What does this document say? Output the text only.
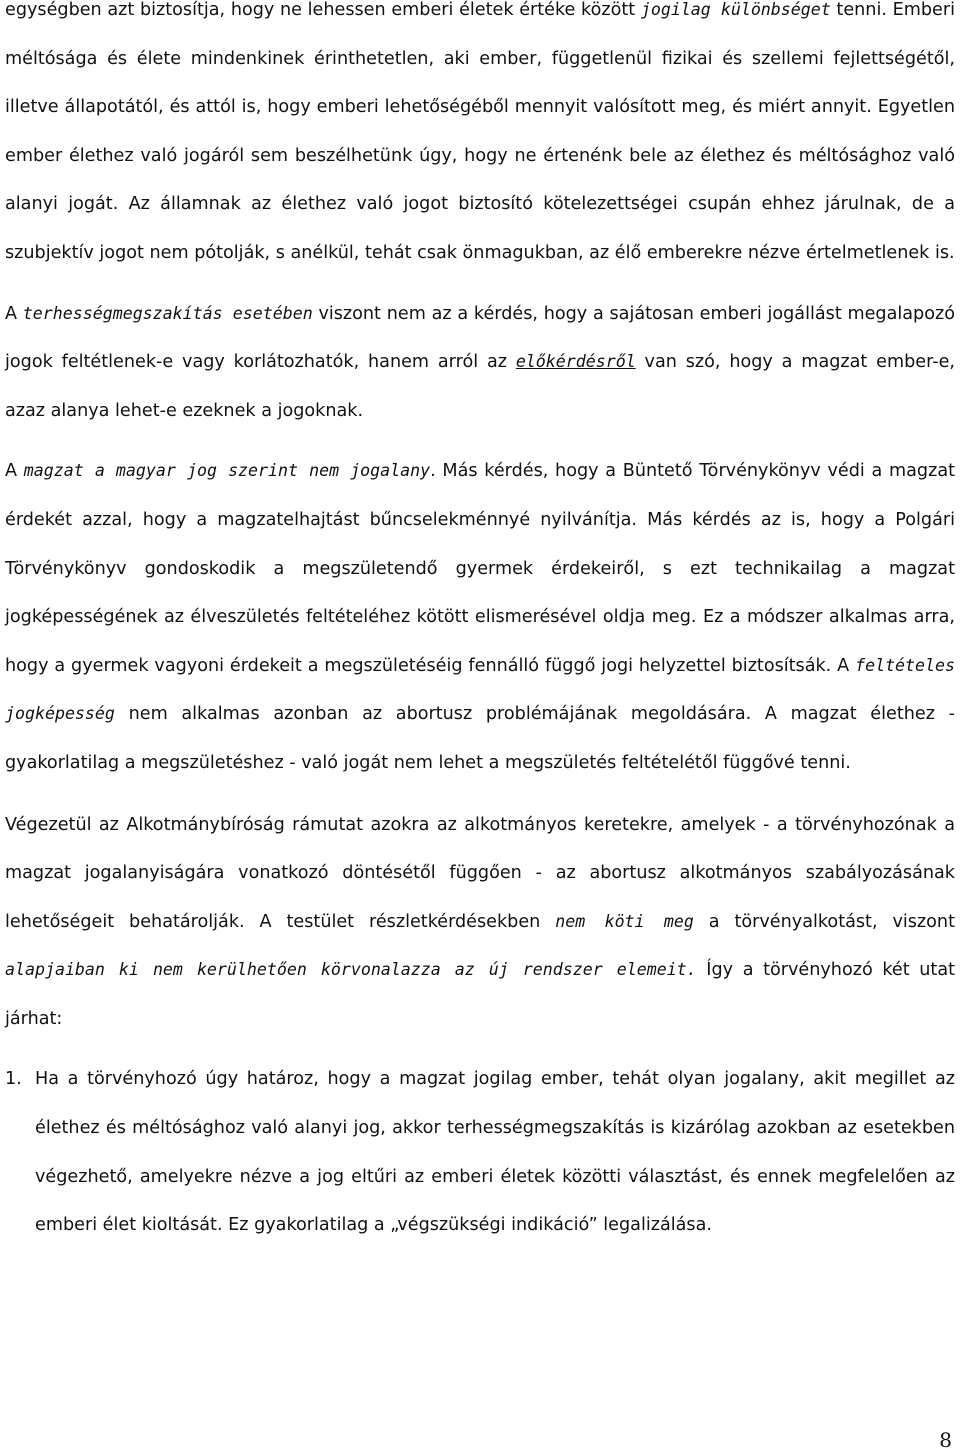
egységben azt biztosítja, hogy ne lehessen emberi életek értéke között jogilag különbséget tenni. Emberi méltósága és élete mindenkinek érinthetetlen, aki ember, függetlenül fizikai és szellemi fejlettségétől, illetve állapotától, és attól is, hogy emberi lehetőségéből mennyit valósított meg, és miért annyit. Egyetlen ember élethez való jogáról sem beszélhetünk úgy, hogy ne értenénk bele az élethez és méltósághoz való alanyi jogát. Az államnak az élethez való jogot biztosító kötelezettségei csupán ehhez járulnak, de a szubjektív jogot nem pótolják, s anélkül, tehát csak önmagukban, az élő emberekre nézve értelmetlenek is.

A terhességmegszakítás esetében viszont nem az a kérdés, hogy a sajátosan emberi jogállást megalapozó jogok feltétlenek-e vagy korlátozhatók, hanem arról az előkérdésről van szó, hogy a magzat ember-e, azaz alanya lehet-e ezeknek a jogoknak.

A magzat a magyar jog szerint nem jogalany. Más kérdés, hogy a Büntető Törvénykönyv védi a magzat érdekét azzal, hogy a magzatelhajtást bűncselekménnyé nyilvánítja. Más kérdés az is, hogy a Polgári Törvénykönyv gondoskodik a megszületendő gyermek érdekeiről, s ezt technikailag a magzat jogképességének az élveszületés feltételéhez kötött elismerésével oldja meg. Ez a módszer alkalmas arra, hogy a gyermek vagyoni érdekeit a megszületéséig fennálló függő jogi helyzettel biztosítsák. A feltételes jogképesség nem alkalmas azonban az abortusz problémájának megoldására. A magzat élethez - gyakorlatilag a megszületéshez - való jogát nem lehet a megszületés feltételétől függővé tenni.

Végezetül az Alkotmánybíróság rámutat azokra az alkotmányos keretekre, amelyek - a törvényhozónak a magzat jogalanyiságára vonatkozó döntésétől függően - az abortusz alkotmányos szabályozásának lehetőségeit behatárolják. A testület részletkérdésekben nem köti meg a törvényalkotást, viszont alapjaiban ki nem kerülhetően körvonalazza az új rendszer elemeit. Így a törvényhozó két utat járhat:

1. Ha a törvényhozó úgy határoz, hogy a magzat jogilag ember, tehát olyan jogalany, akit megillet az élethez és méltósághoz való alanyi jog, akkor terhességmegszakítás is kizárólag azokban az esetekben végezhető, amelyekre nézve a jog eltűri az emberi életek közötti választást, és ennek megfelelően az emberi élet kioltását. Ez gyakorlatilag a „végszükségi indikáció” legalizálása.
8
